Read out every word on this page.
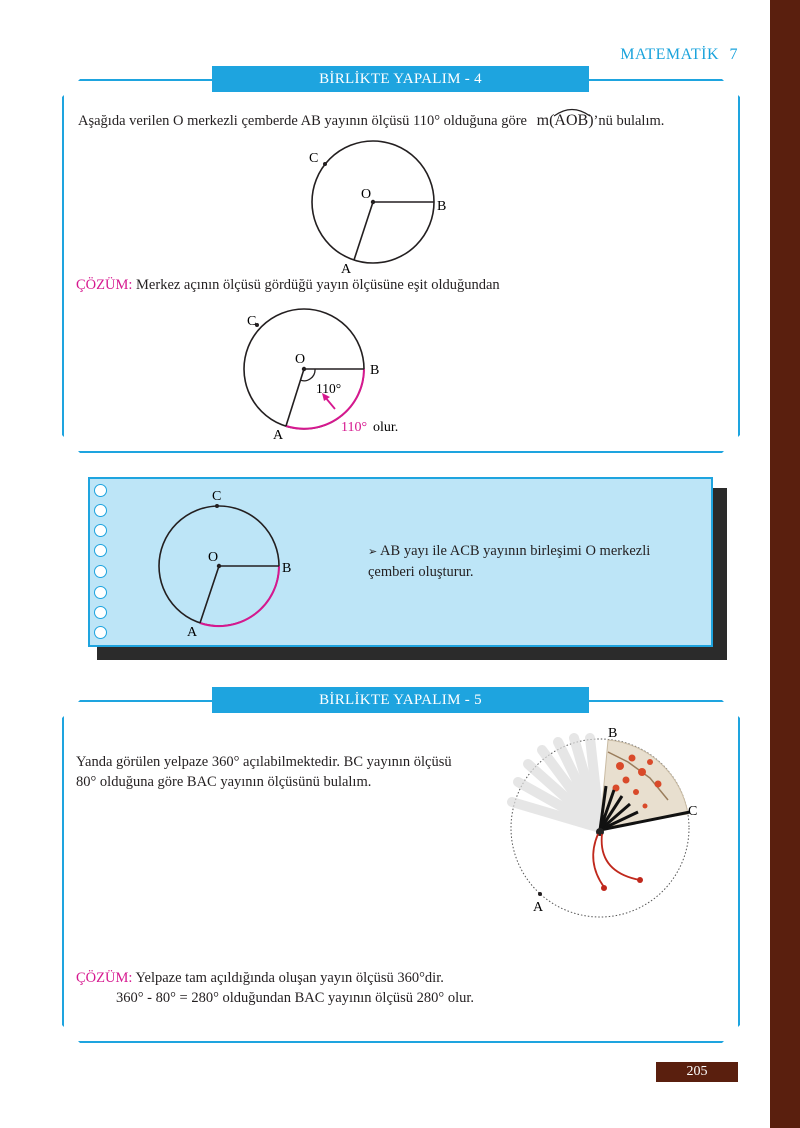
MATEMATİK 7
BİRLİKTE YAPALIM - 4
Aşağıda verilen O merkezli çemberde AB yayının ölçüsü 110° olduğuna göre m(
AOB)’nü bulalım.
C
O
B
A
ÇÖZÜM: Merkez açının ölçüsü gördüğü yayın ölçüsüne eşit olduğundan
C
O
B
A
110°
110° olur.
C
O
B
A
➢ AB yayı ile ACB yayının birleşimi O merkezli
çemberi oluşturur.
BİRLİKTE YAPALIM - 5
Yanda görülen yelpaze 360° açılabilmektedir. BC yayının ölçüsü
80° olduğuna göre BAC yayının ölçüsünü bulalım.
B
C
A
ÇÖZÜM: Yelpaze tam açıldığında oluşan yayın ölçüsü 360°dir.
360° - 80° = 280° olduğundan BAC yayının ölçüsü 280° olur.
205
